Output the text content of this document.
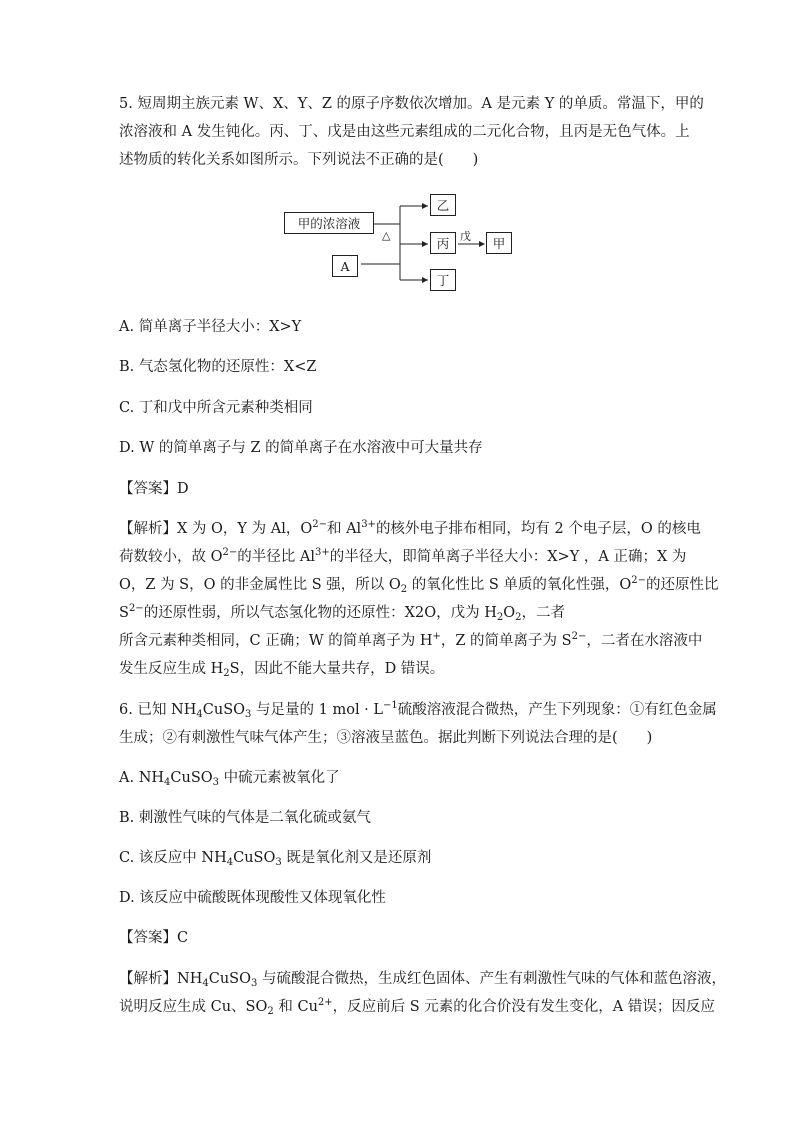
5. 短周期主族元素 W、X、Y、Z 的原子序数依次增加。A 是元素 Y 的单质。常温下，甲的
浓溶液和 A 发生钝化。丙、丁、戊是由这些元素组成的二元化合物，且丙是无色气体。上
述物质的转化关系如图所示。下列说法不正确的是(　　)
甲的浓溶液
A
△
乙
丙
丁
戊	甲
A. 简单离子半径大小：X>Y
B. 气态氢化物的还原性：X<Z
C. 丁和戊中所含元素种类相同
D. W 的简单离子与 Z 的简单离子在水溶液中可大量共存
【答案】D
【解析】X 为 O，Y 为 Al，$O^{2-}$和 $Al^{3+}$的核外电子排布相同，均有 2 个电子层，O 的核电
荷数较小，故 $O^{2-}$的半径比 $Al^{3+}$的半径大，即简单离子半径大小：X>Y ，A 正确；X 为
O，Z 为 S，O 的非金属性比 S 强，所以 $O_2$ 的氧化性比 S 单质的氧化性强，$O^{2-}$的还原性比
$S^{2-}$的还原性弱，所以气态氢化物的还原性：X2O，戊为 $H_2O_2$，二者
所含元素种类相同，C 正确；W 的简单离子为 H+，Z 的简单离子为 $S^{2-}$，二者在水溶液中
发生反应生成 $H_2S$，因此不能大量共存，D 错误。
6. 已知 $NH_4CuSO_3$ 与足量的 1 mol · $L^{-1}$硫酸溶液混合微热，产生下列现象：①有红色金属
生成；②有刺激性气味气体产生；③溶液呈蓝色。据此判断下列说法合理的是(　　)
A. $NH_4CuSO_3$ 中硫元素被氧化了
B. 刺激性气味的气体是二氧化硫或氨气
C. 该反应中 $NH_4CuSO_3$ 既是氧化剂又是还原剂
D. 该反应中硫酸既体现酸性又体现氧化性
【答案】C
【解析】$NH_4CuSO_3$ 与硫酸混合微热，生成红色固体、产生有刺激性气味的气体和蓝色溶液，
说明反应生成 Cu、$SO_2$ 和 $Cu^{2+}$，反应前后 S 元素的化合价没有发生变化，A 错误；因反应
